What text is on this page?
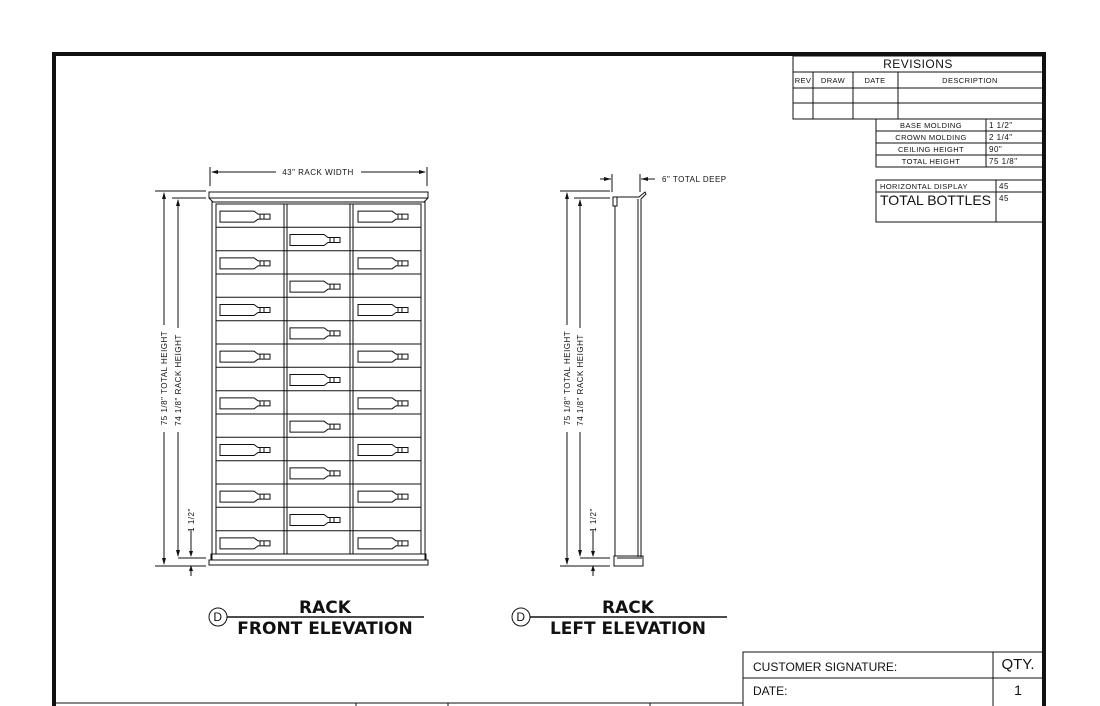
REVISIONS
REV DRAW	DATE	DESCRIPTION
BASE MOLDING	1 1/2"
CROWN MOLDING	2 1/4"
CEILING HEIGHT	90"
TOTAL HEIGHT	75 1/8"
HORIZONTAL DISPLAY	45
TOTAL BOTTLES 45
43" RACK WIDTH
75 1/8" TOTAL HEIGHT 74 1/8" RACK HEIGHT
1 1/2"
D	RACK
FRONT ELEVATION
6" TOTAL DEEP
75 1/8" TOTAL HEIGHT 74 1/8" RACK HEIGHT
1 1/2"
D	RACK
LEFT ELEVATION
CUSTOMER SIGNATURE:
DATE:
QTY.
1
